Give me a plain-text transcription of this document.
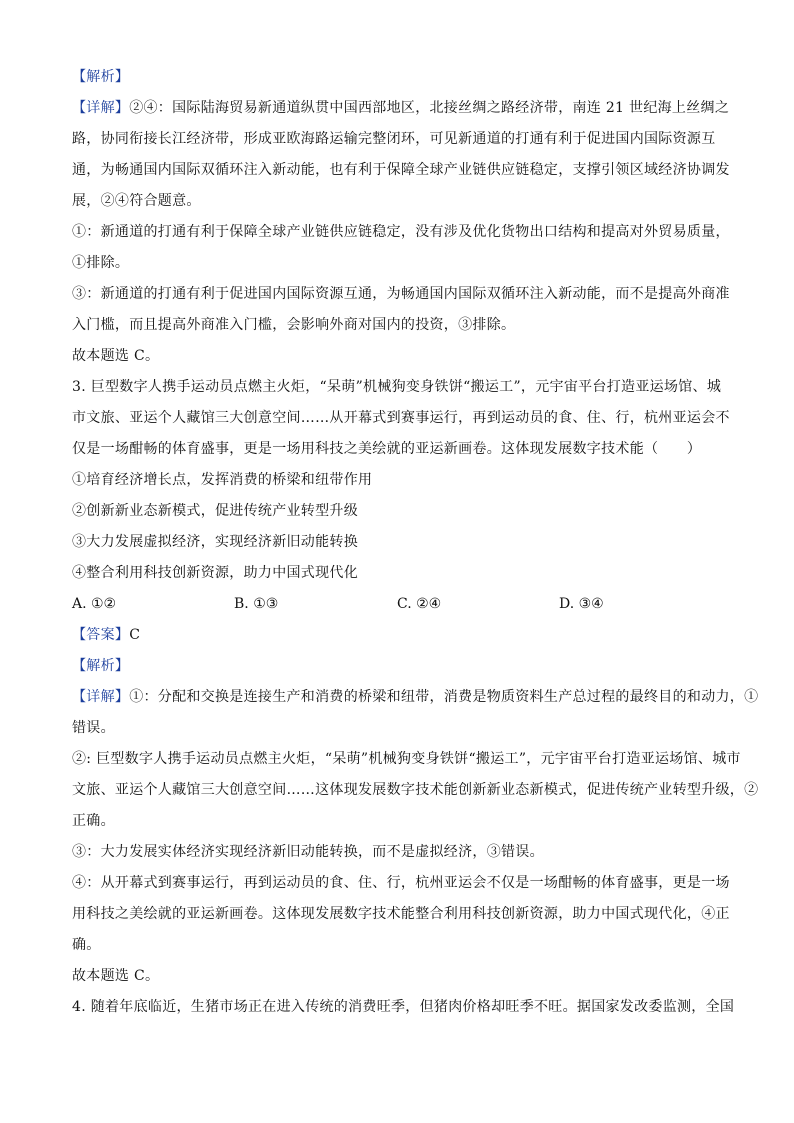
【解析】
【详解】②④：国际陆海贸易新通道纵贯中国西部地区，北接丝绸之路经济带，南连 21 世纪海上丝绸之
路，协同衔接长江经济带，形成亚欧海路运输完整闭环，可见新通道的打通有利于促进国内国际资源互
通，为畅通国内国际双循环注入新动能，也有利于保障全球产业链供应链稳定，支撑引领区域经济协调发
展，②④符合题意。
①：新通道的打通有利于保障全球产业链供应链稳定，没有涉及优化货物出口结构和提高对外贸易质量，
①排除。
③：新通道的打通有利于促进国内国际资源互通，为畅通国内国际双循环注入新动能，而不是提高外商准
入门槛，而且提高外商准入门槛，会影响外商对国内的投资，③排除。
故本题选 C。
3. 巨型数字人携手运动员点燃主火炬，“呆萌”机械狗变身铁饼“搬运工”，元宇宙平台打造亚运场馆、城
市文旅、亚运个人藏馆三大创意空间……从开幕式到赛事运行，再到运动员的食、住、行，杭州亚运会不
仅是一场酣畅的体育盛事，更是一场用科技之美绘就的亚运新画卷。这体现发展数字技术能（　　）
①培育经济增长点，发挥消费的桥梁和纽带作用
②创新新业态新模式，促进传统产业转型升级
③大力发展虚拟经济，实现经济新旧动能转换
④整合利用科技创新资源，助力中国式现代化
A. ①②	B. ①③	C. ②④	D. ③④
【答案】C
【解析】
【详解】①：分配和交换是连接生产和消费的桥梁和纽带，消费是物质资料生产总过程的最终目的和动力，①
错误。
②: 巨型数字人携手运动员点燃主火炬，“呆萌”机械狗变身铁饼“搬运工”，元宇宙平台打造亚运场馆、城市
文旅、亚运个人藏馆三大创意空间……这体现发展数字技术能创新新业态新模式，促进传统产业转型升级，②
正确。
③：大力发展实体经济实现经济新旧动能转换，而不是虚拟经济，③错误。
④：从开幕式到赛事运行，再到运动员的食、住、行，杭州亚运会不仅是一场酣畅的体育盛事，更是一场
用科技之美绘就的亚运新画卷。这体现发展数字技术能整合利用科技创新资源，助力中国式现代化，④正
确。
故本题选 C。
4. 随着年底临近，生猪市场正在进入传统的消费旺季，但猪肉价格却旺季不旺。据国家发改委监测，全国
